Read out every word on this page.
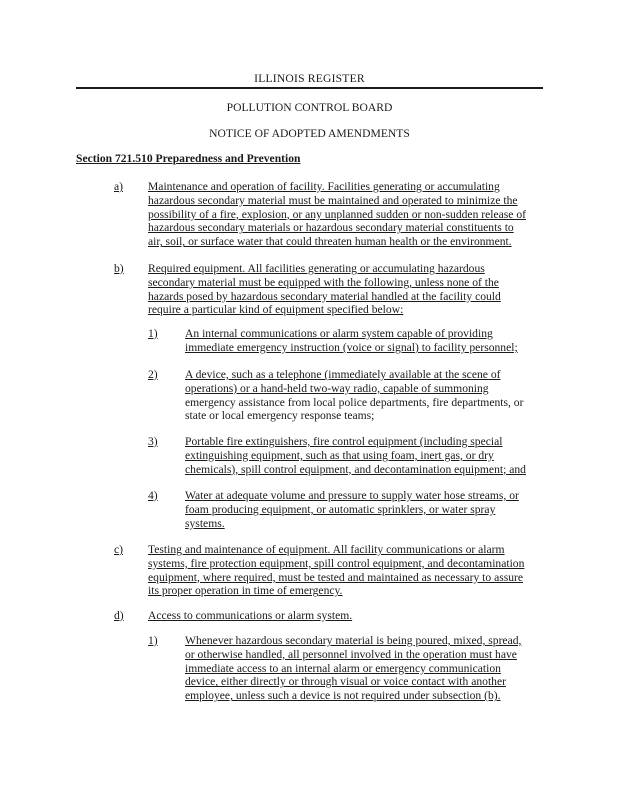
ILLINOIS REGISTER
POLLUTION CONTROL BOARD
NOTICE OF ADOPTED AMENDMENTS
Section 721.510 Preparedness and Prevention
a) Maintenance and operation of facility. Facilities generating or accumulating
hazardous secondary material must be maintained and operated to minimize the
possibility of a fire, explosion, or any unplanned sudden or non-sudden release of
hazardous secondary materials or hazardous secondary material constituents to
air, soil, or surface water that could threaten human health or the environment.
b) Required equipment. All facilities generating or accumulating hazardous
secondary material must be equipped with the following, unless none of the
hazards posed by hazardous secondary material handled at the facility could
require a particular kind of equipment specified below:
1) An internal communications or alarm system capable of providing
immediate emergency instruction (voice or signal) to facility personnel;
2) A device, such as a telephone (immediately available at the scene of
operations) or a hand-held two-way radio, capable of summoning
emergency assistance from local police departments, fire departments, or
state or local emergency response teams;
3) Portable fire extinguishers, fire control equipment (including special
extinguishing equipment, such as that using foam, inert gas, or dry
chemicals), spill control equipment, and decontamination equipment; and
4) Water at adequate volume and pressure to supply water hose streams, or
foam producing equipment, or automatic sprinklers, or water spray
systems.
c) Testing and maintenance of equipment. All facility communications or alarm
systems, fire protection equipment, spill control equipment, and decontamination
equipment, where required, must be tested and maintained as necessary to assure
its proper operation in time of emergency.
d) Access to communications or alarm system.
1) Whenever hazardous secondary material is being poured, mixed, spread,
or otherwise handled, all personnel involved in the operation must have
immediate access to an internal alarm or emergency communication
device, either directly or through visual or voice contact with another
employee, unless such a device is not required under subsection (b).
